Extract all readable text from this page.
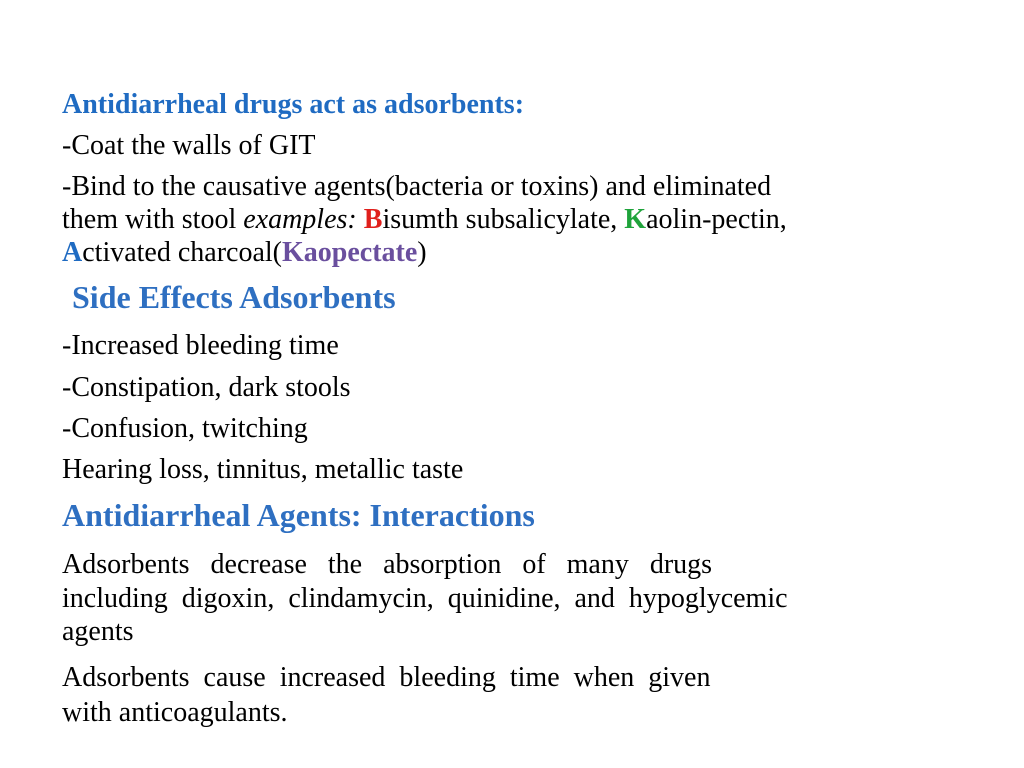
Antidiarrheal drugs act as adsorbents:
-Coat the walls of GIT
-Bind to the causative agents(bacteria or toxins) and eliminated
them with stool examples: Bisumth subsalicylate, Kaolin-pectin,
Activated charcoal(Kaopectate)
Side Effects Adsorbents
-Increased bleeding time
-Constipation, dark stools
-Confusion, twitching
Hearing loss, tinnitus, metallic taste
Antidiarrheal Agents: Interactions
Adsorbents   decrease   the   absorption   of   many   drugs
including  digoxin,  clindamycin,  quinidine,  and  hypoglycemic
agents
Adsorbents  cause  increased  bleeding  time  when  given
with anticoagulants.
